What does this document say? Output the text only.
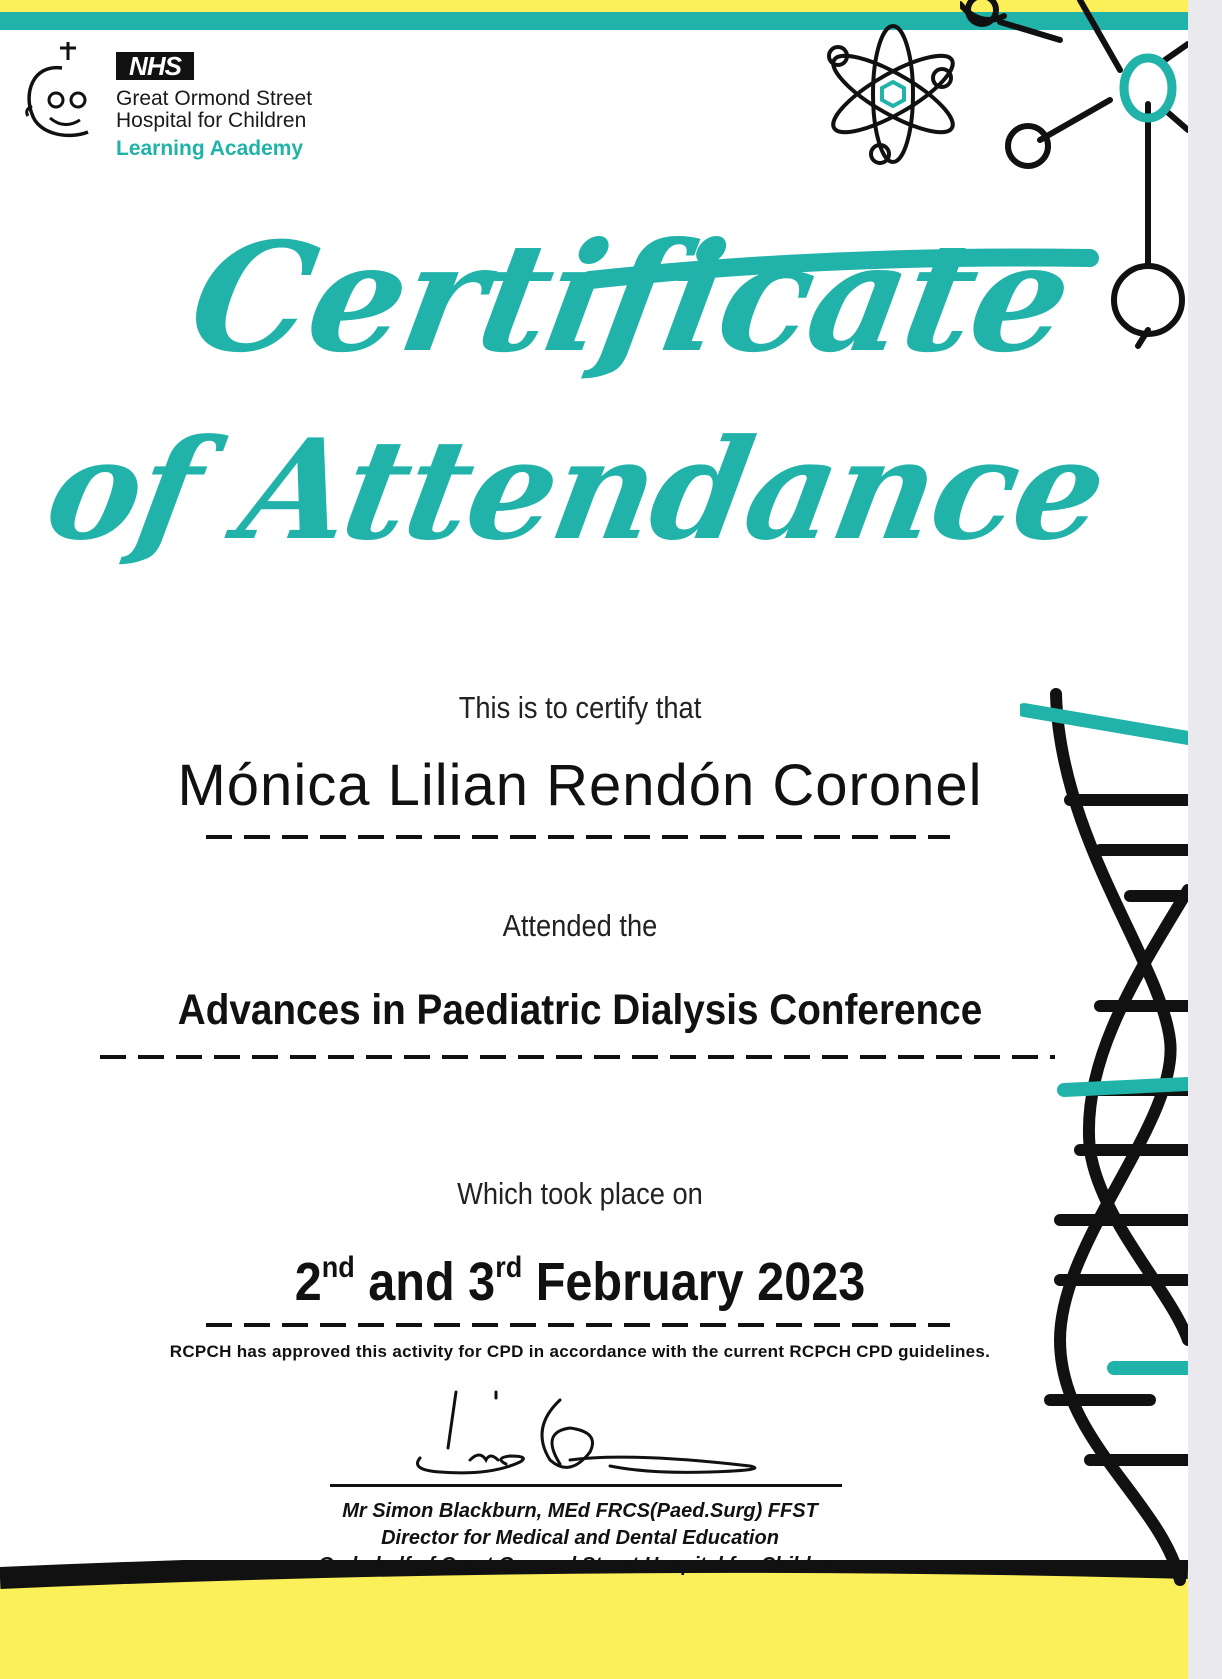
NHS
Great Ormond Street
Hospital for Children
Learning Academy
Certificate
of Attendance
This is to certify that
Mónica Lilian Rendón Coronel
Attended the
Advances in Paediatric Dialysis Conference
Which took place on
2nd and 3rd February 2023
RCPCH has approved this activity for CPD in accordance with the current RCPCH CPD guidelines.
Mr Simon Blackburn, MEd FRCS(Paed.Surg) FFST
Director for Medical and Dental Education
On behalf of Great Ormond Street Hospital for Children
